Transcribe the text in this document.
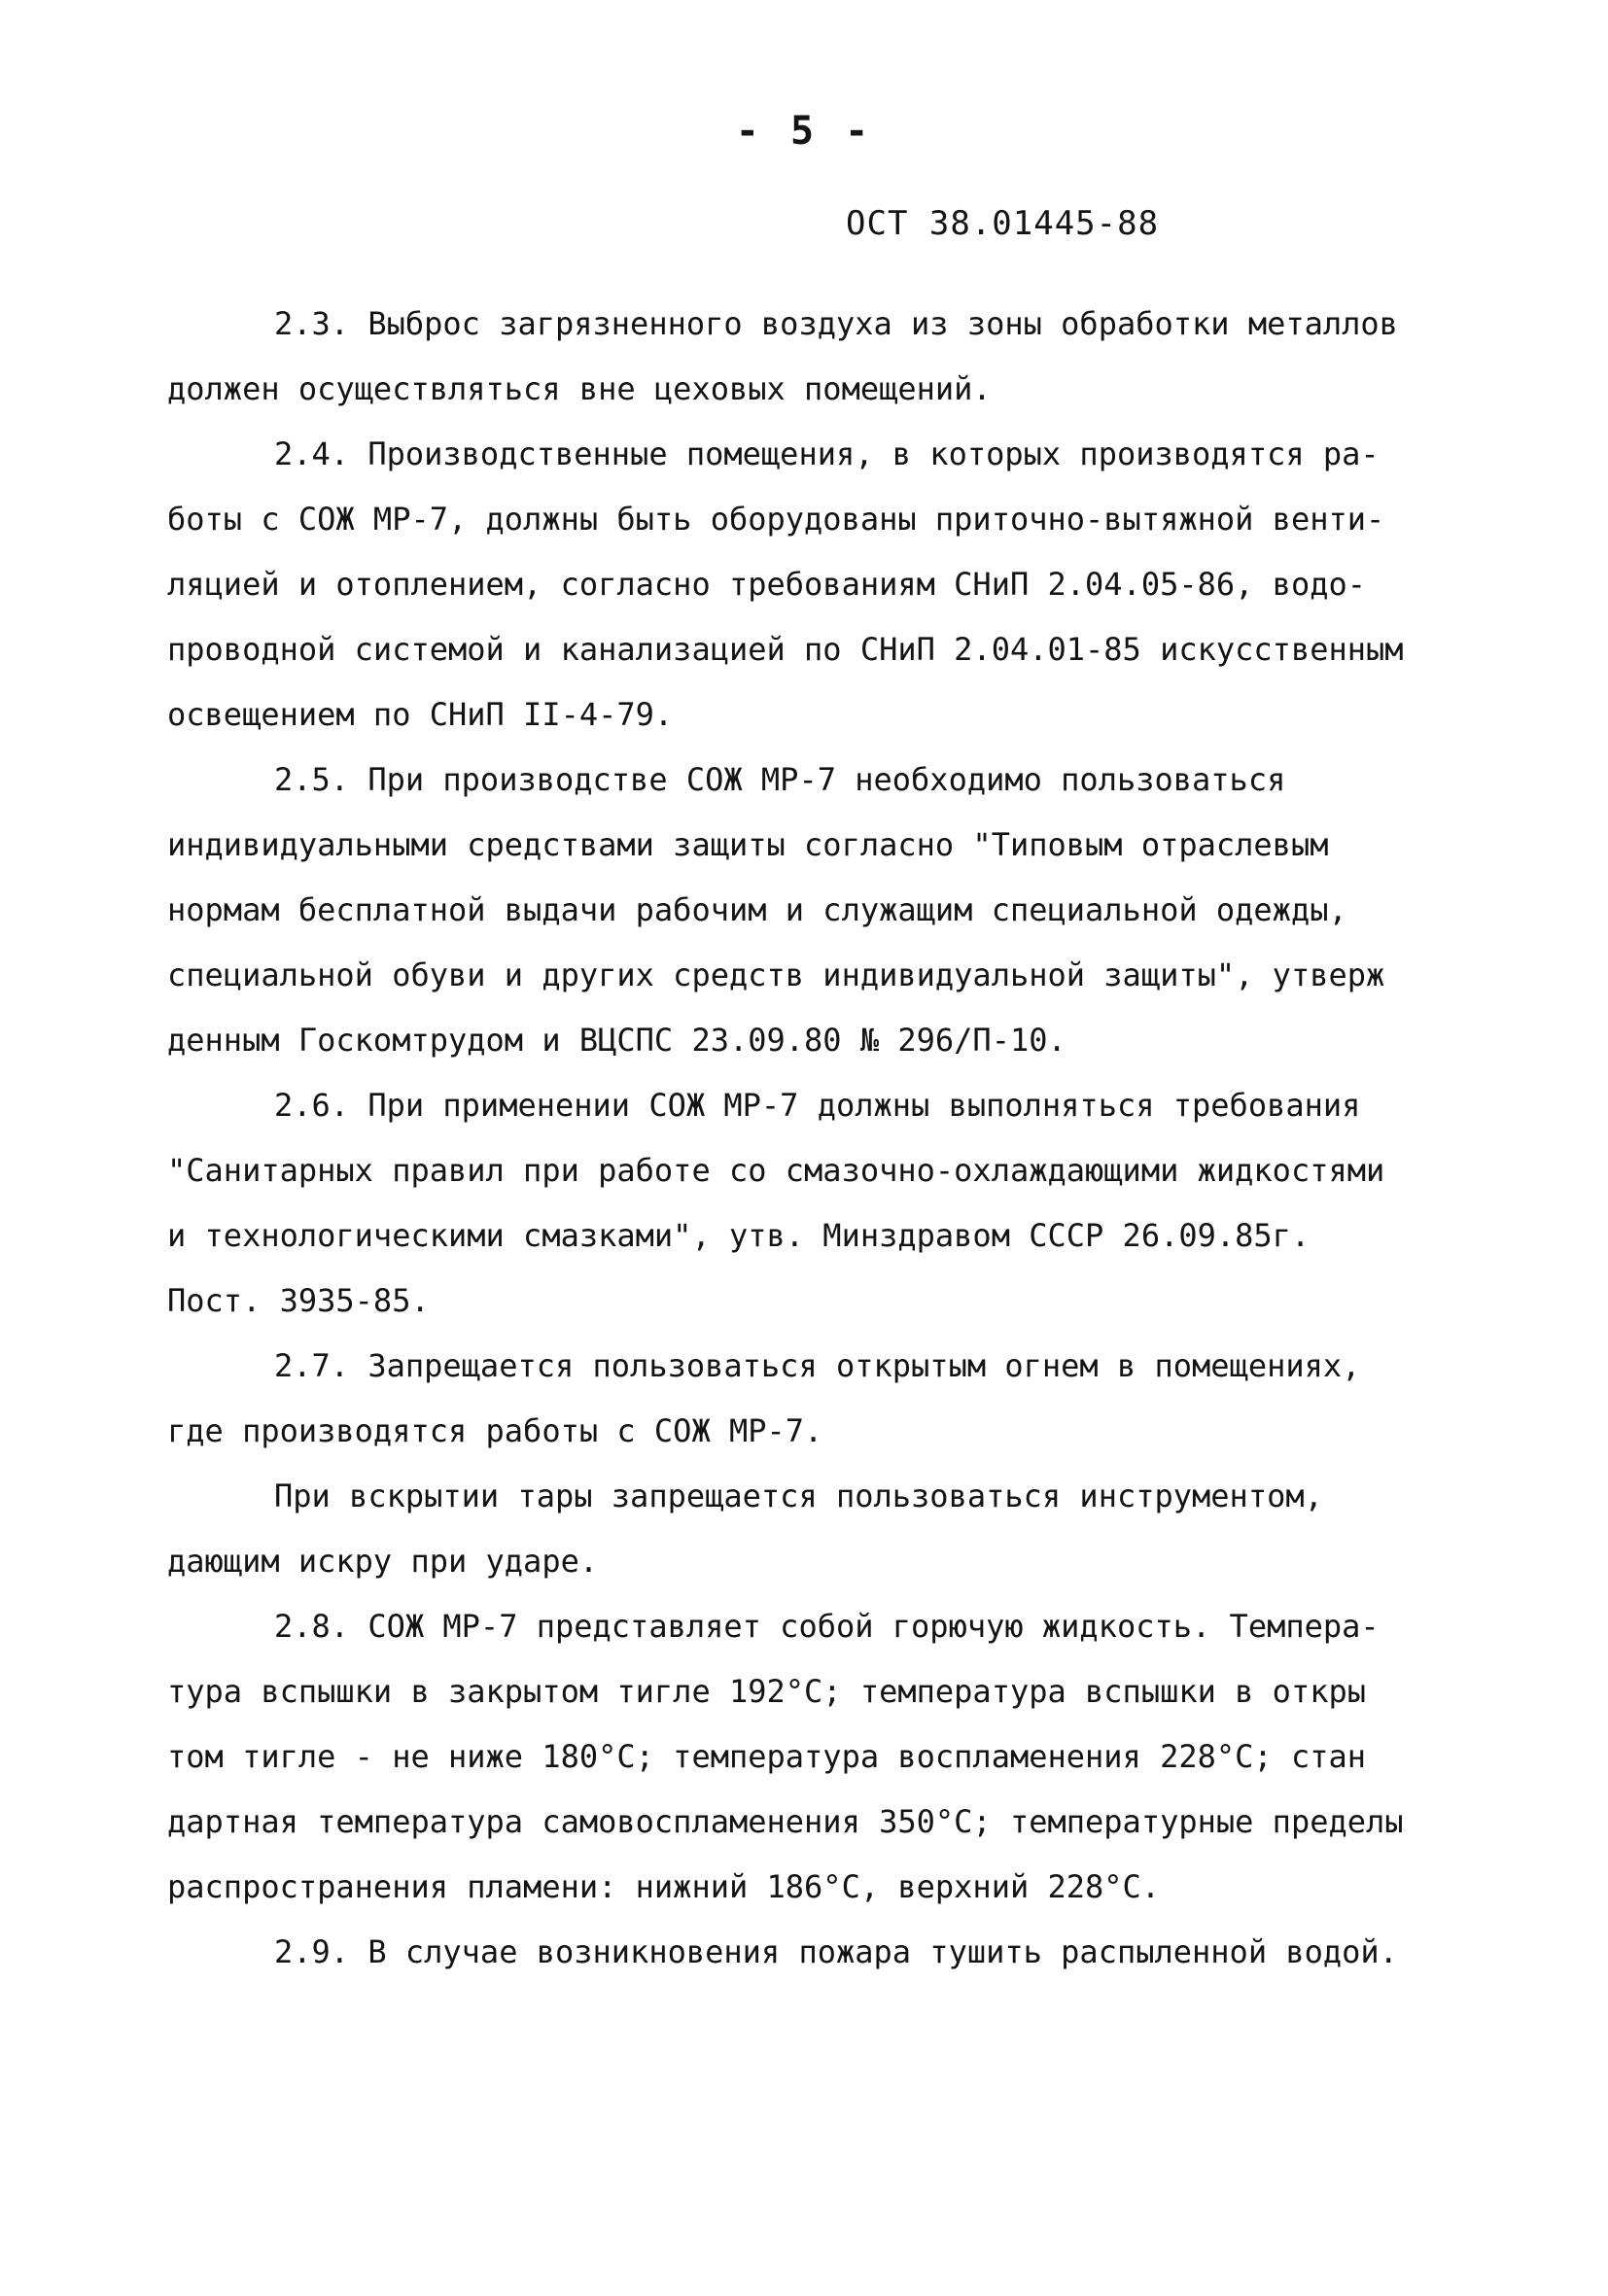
- 5 -
ОСТ 38.01445-88
2.3. Выброс загрязненного воздуха из зоны обработки металлов
должен осуществляться вне цеховых помещений.
2.4. Производственные помещения, в которых производятся ра-
боты с СОЖ МР-7, должны быть оборудованы приточно-вытяжной венти-
ляцией и отоплением, согласно требованиям СНиП 2.04.05-86, водо-
проводной системой и канализацией по СНиП 2.04.01-85 искусственным
освещением по СНиП II-4-79.
2.5. При производстве СОЖ МР-7 необходимо пользоваться
индивидуальными средствами защиты согласно "Типовым отраслевым
нормам бесплатной выдачи рабочим и служащим специальной одежды,
специальной обуви и других средств индивидуальной защиты", утверж
денным Госкомтрудом и ВЦСПС 23.09.80 № 296/П-10.
2.6. При применении СОЖ МР-7 должны выполняться требования
"Санитарных правил при работе со смазочно-охлаждающими жидкостями
и технологическими смазками", утв. Минздравом СССР 26.09.85г.
Пост. 3935-85.
2.7. Запрещается пользоваться открытым огнем в помещениях,
где производятся работы с СОЖ МР-7.
При вскрытии тары запрещается пользоваться инструментом,
дающим искру при ударе.
2.8. СОЖ МР-7 представляет собой горючую жидкость. Темпера-
тура вспышки в закрытом тигле 192°С; температура вспышки в откры
том тигле - не ниже 180°С; температура воспламенения 228°С; стан
дартная температура самовоспламенения 350°С; температурные пределы
распространения пламени: нижний 186°С, верхний 228°С.
2.9. В случае возникновения пожара тушить распыленной водой.
